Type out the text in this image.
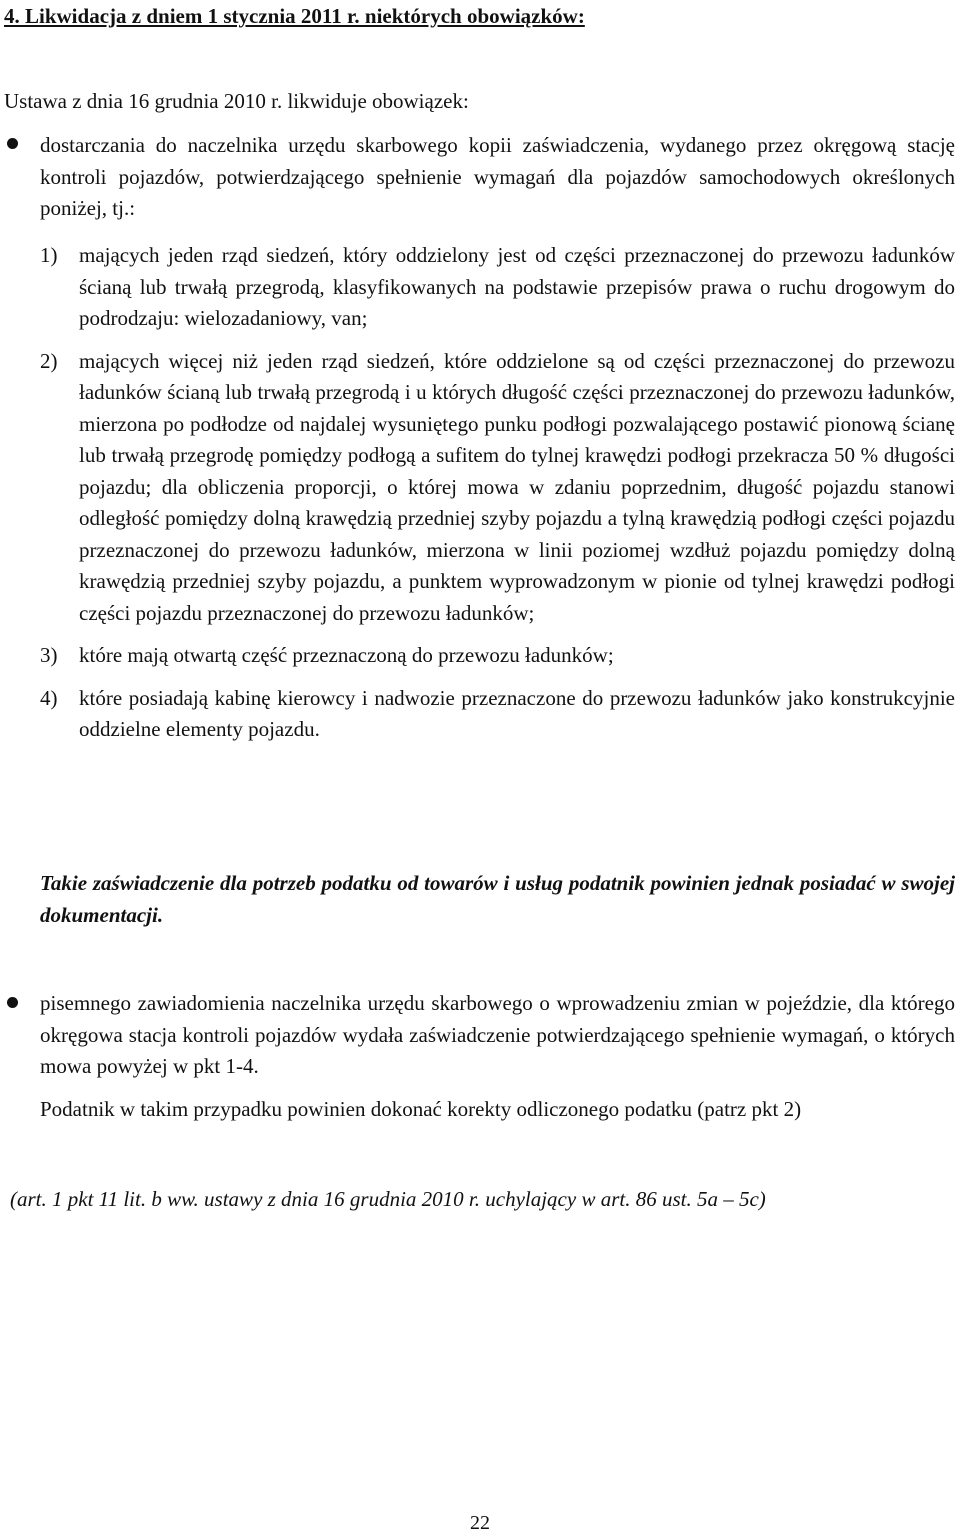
4. Likwidacja z dniem 1 stycznia 2011 r. niektórych obowiązków:
Ustawa z dnia 16 grudnia 2010 r. likwiduje obowiązek:
dostarczania do naczelnika urzędu skarbowego kopii zaświadczenia, wydanego przez okręgową stację kontroli pojazdów, potwierdzającego spełnienie wymagań dla pojazdów samochodowych określonych poniżej, tj.:
1) mających jeden rząd siedzeń, który oddzielony jest od części przeznaczonej do przewozu ładunków ścianą lub trwałą przegrodą, klasyfikowanych na podstawie przepisów prawa o ruchu drogowym do podrodzaju: wielozadaniowy, van;
2) mających więcej niż jeden rząd siedzeń, które oddzielone są od części przeznaczonej do przewozu ładunków ścianą lub trwałą przegrodą i u których długość części przeznaczonej do przewozu ładunków, mierzona po podłodze od najdalej wysuniętego punku podłogi pozwalającego postawić pionową ścianę lub trwałą przegrodę pomiędzy podłogą a sufitem do tylnej krawędzi podłogi przekracza 50 % długości pojazdu; dla obliczenia proporcji, o której mowa w zdaniu poprzednim, długość pojazdu stanowi odległość pomiędzy dolną krawędzią przedniej szyby pojazdu a tylną krawędzią podłogi części pojazdu przeznaczonej do przewozu ładunków, mierzona w linii poziomej wzdłuż pojazdu pomiędzy dolną krawędzią przedniej szyby pojazdu, a punktem wyprowadzonym w pionie od tylnej krawędzi podłogi części pojazdu przeznaczonej do przewozu ładunków;
3) które mają otwartą część przeznaczoną do przewozu ładunków;
4) które posiadają kabinę kierowcy i nadwozie przeznaczone do przewozu ładunków jako konstrukcyjnie oddzielne elementy pojazdu.
Takie zaświadczenie dla potrzeb podatku od towarów i usług podatnik powinien jednak posiadać w swojej dokumentacji.
pisemnego zawiadomienia naczelnika urzędu skarbowego o wprowadzeniu zmian w pojeździe, dla którego okręgowa stacja kontroli pojazdów wydała zaświadczenie potwierdzającego spełnienie wymagań, o których mowa powyżej w pkt 1-4.
Podatnik w takim przypadku powinien dokonać korekty odliczonego podatku (patrz pkt 2)
(art. 1 pkt 11 lit. b ww. ustawy z dnia 16 grudnia 2010 r. uchylający w art. 86 ust. 5a – 5c)
22
